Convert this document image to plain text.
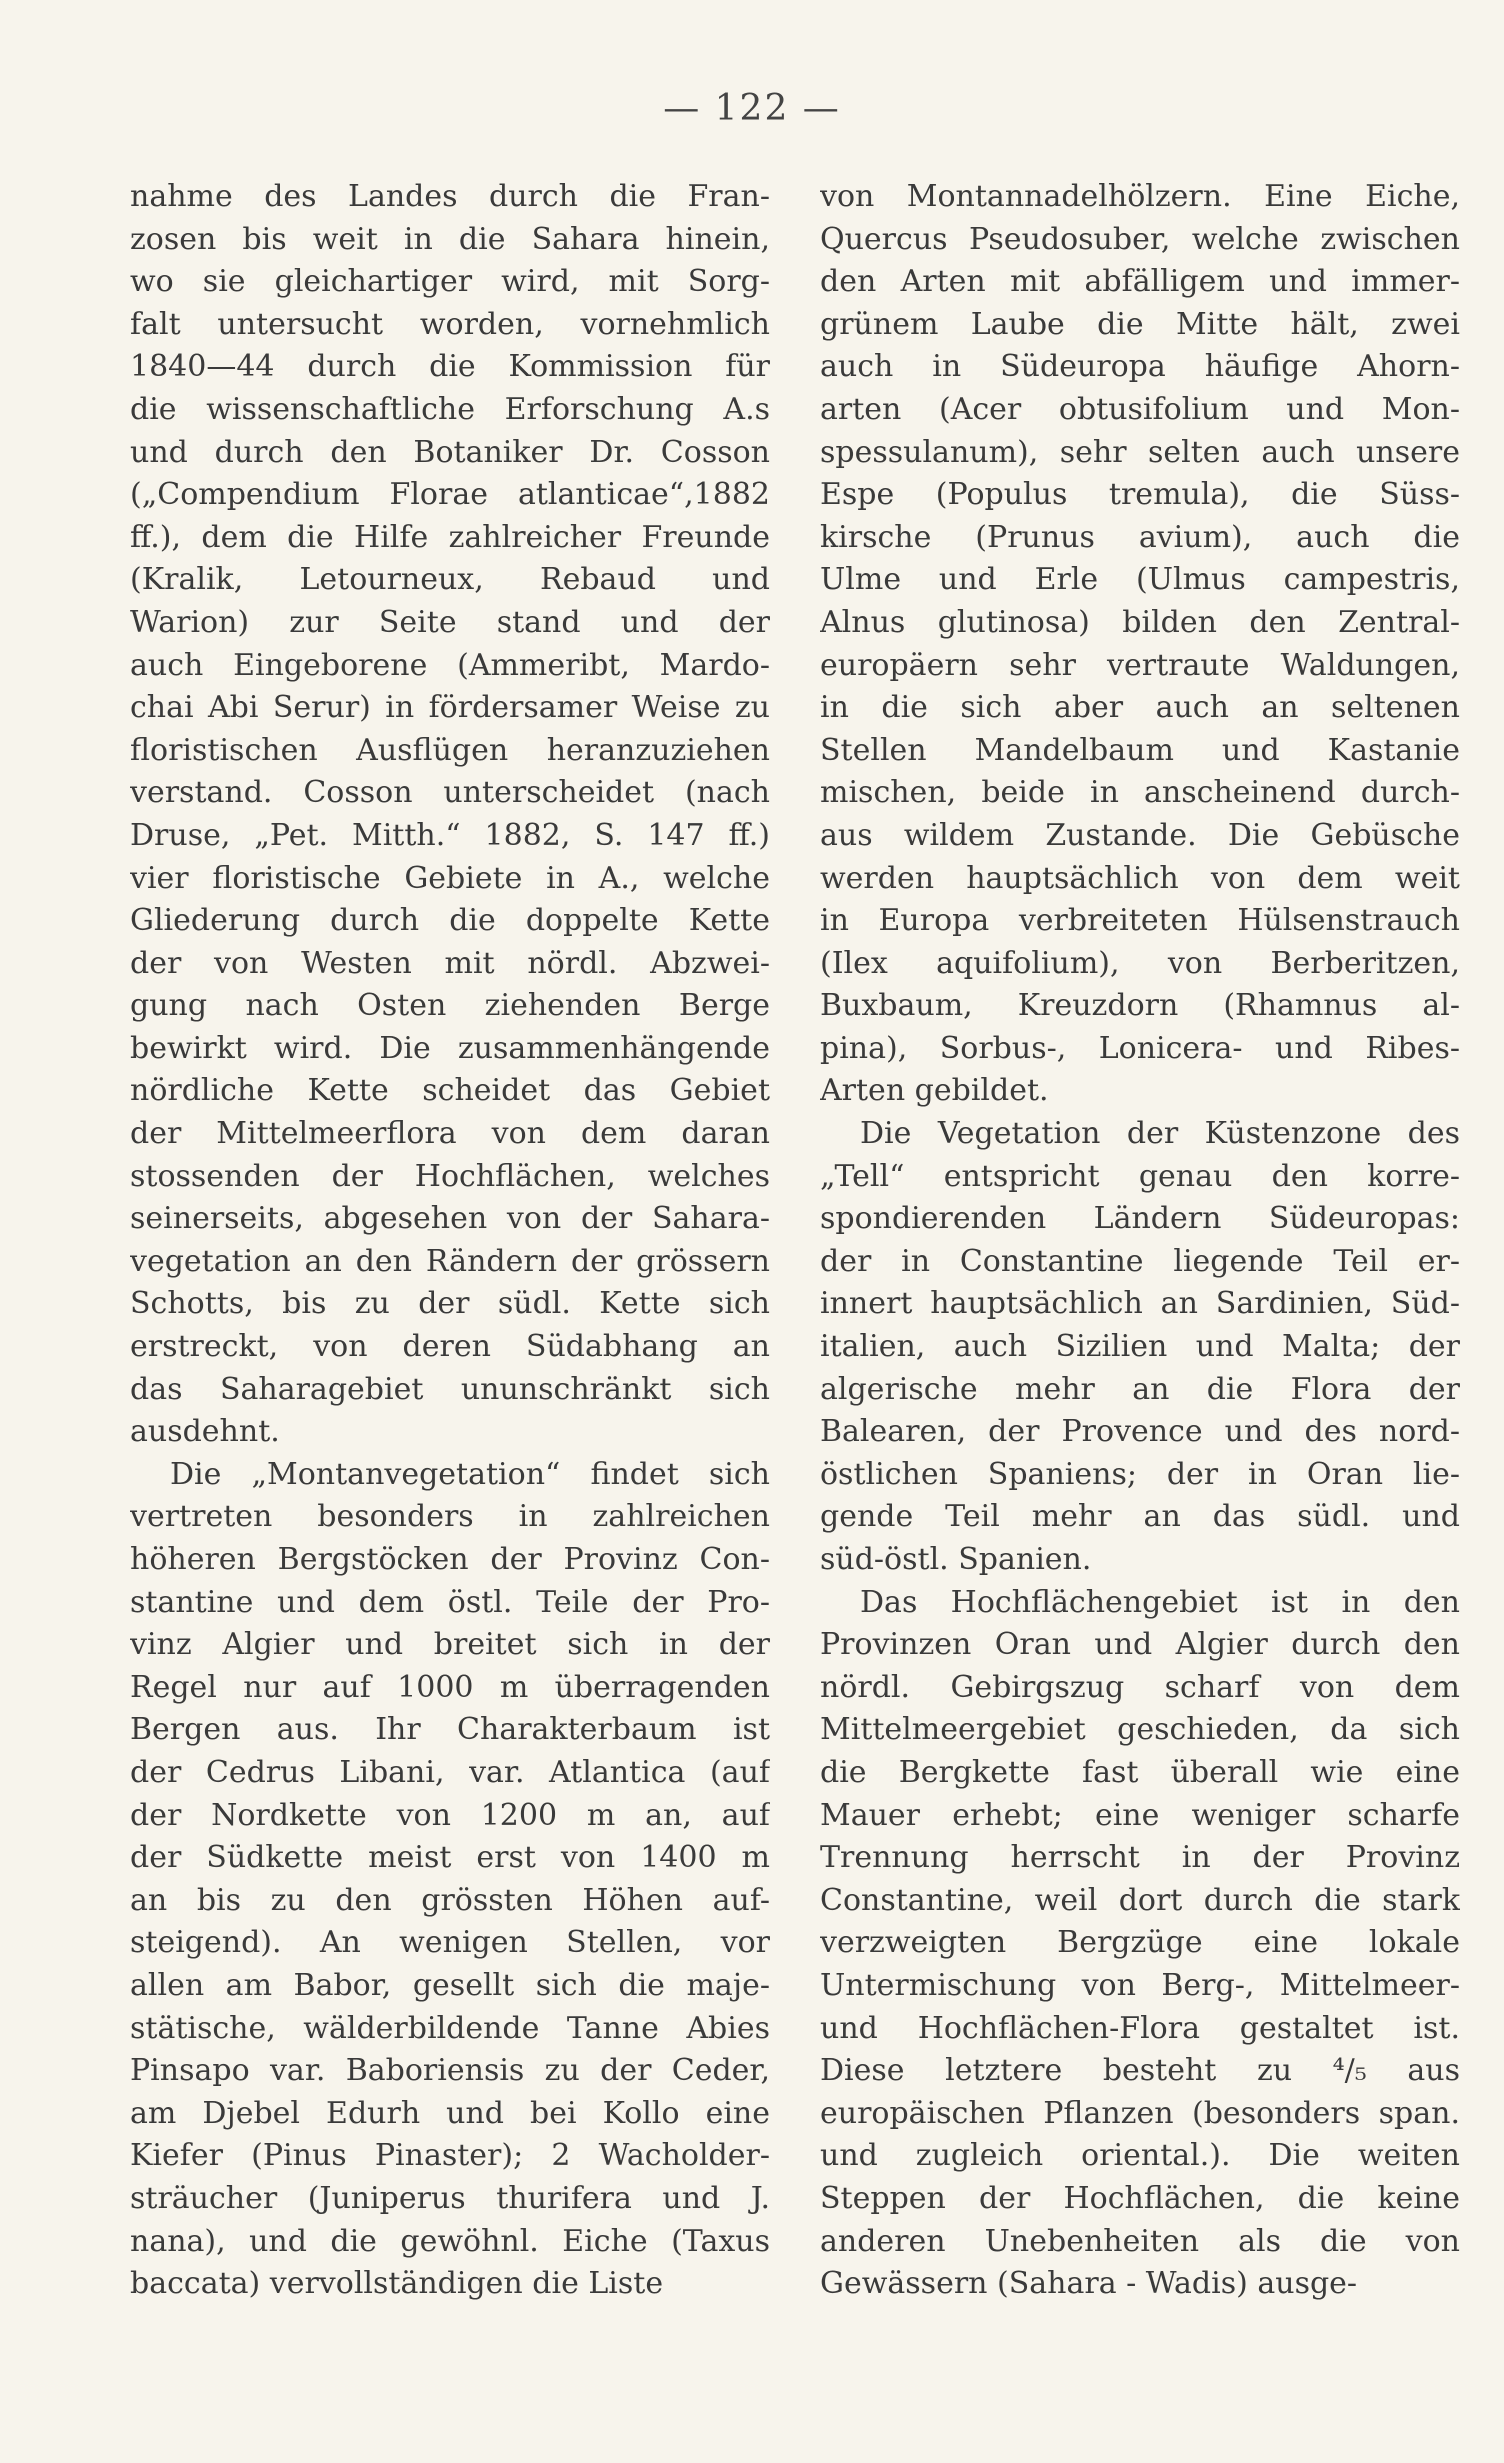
— 122 —
nahme des Landes durch die Fran-
zosen bis weit in die Sahara hinein,
wo sie gleichartiger wird, mit Sorg-
falt untersucht worden, vornehmlich
1840—44 durch die Kommission für
die wissenschaftliche Erforschung A.s
und durch den Botaniker Dr. Cosson
(„Compendium Florae atlanticae“,1882
ff.), dem die Hilfe zahlreicher Freunde
(Kralik, Letourneux, Rebaud und
Warion) zur Seite stand und der
auch Eingeborene (Ammeribt, Mardo-
chai Abi Serur) in fördersamer Weise zu
floristischen Ausflügen heranzuziehen
verstand. Cosson unterscheidet (nach
Druse, „Pet. Mitth.“ 1882, S. 147 ff.)
vier floristische Gebiete in A., welche
Gliederung durch die doppelte Kette
der von Westen mit nördl. Abzwei-
gung nach Osten ziehenden Berge
bewirkt wird. Die zusammenhängende
nördliche Kette scheidet das Gebiet
der Mittelmeerflora von dem daran
stossenden der Hochflächen, welches
seinerseits, abgesehen von der Sahara-
vegetation an den Rändern der grössern
Schotts, bis zu der südl. Kette sich
erstreckt, von deren Südabhang an
das Saharagebiet ununschränkt sich
ausdehnt.
Die „Montanvegetation“ findet sich
vertreten besonders in zahlreichen
höheren Bergstöcken der Provinz Con-
stantine und dem östl. Teile der Pro-
vinz Algier und breitet sich in der
Regel nur auf 1000 m überragenden
Bergen aus. Ihr Charakterbaum ist
der Cedrus Libani, var. Atlantica (auf
der Nordkette von 1200 m an, auf
der Südkette meist erst von 1400 m
an bis zu den grössten Höhen auf-
steigend). An wenigen Stellen, vor
allen am Babor, gesellt sich die maje-
stätische, wälderbildende Tanne Abies
Pinsapo var. Baboriensis zu der Ceder,
am Djebel Edurh und bei Kollo eine
Kiefer (Pinus Pinaster); 2 Wacholder-
sträucher (Juniperus thurifera und J.
nana), und die gewöhnl. Eiche (Taxus
baccata) vervollständigen die Liste
von Montannadelhölzern. Eine Eiche,
Quercus Pseudosuber, welche zwischen
den Arten mit abfälligem und immer-
grünem Laube die Mitte hält, zwei
auch in Südeuropa häufige Ahorn-
arten (Acer obtusifolium und Mon-
spessulanum), sehr selten auch unsere
Espe (Populus tremula), die Süss-
kirsche (Prunus avium), auch die
Ulme und Erle (Ulmus campestris,
Alnus glutinosa) bilden den Zentral-
europäern sehr vertraute Waldungen,
in die sich aber auch an seltenen
Stellen Mandelbaum und Kastanie
mischen, beide in anscheinend durch-
aus wildem Zustande. Die Gebüsche
werden hauptsächlich von dem weit
in Europa verbreiteten Hülsenstrauch
(Ilex aquifolium), von Berberitzen,
Buxbaum, Kreuzdorn (Rhamnus al-
pina), Sorbus-, Lonicera- und Ribes-
Arten gebildet.
Die Vegetation der Küstenzone des
„Tell“ entspricht genau den korre-
spondierenden Ländern Südeuropas:
der in Constantine liegende Teil er-
innert hauptsächlich an Sardinien, Süd-
italien, auch Sizilien und Malta; der
algerische mehr an die Flora der
Balearen, der Provence und des nord-
östlichen Spaniens; der in Oran lie-
gende Teil mehr an das südl. und
süd-östl. Spanien.
Das Hochflächengebiet ist in den
Provinzen Oran und Algier durch den
nördl. Gebirgszug scharf von dem
Mittelmeergebiet geschieden, da sich
die Bergkette fast überall wie eine
Mauer erhebt; eine weniger scharfe
Trennung herrscht in der Provinz
Constantine, weil dort durch die stark
verzweigten Bergzüge eine lokale
Untermischung von Berg-, Mittelmeer-
und Hochflächen-Flora gestaltet ist.
Diese letztere besteht zu ⁴/₅ aus
europäischen Pflanzen (besonders span.
und zugleich oriental.). Die weiten
Steppen der Hochflächen, die keine
anderen Unebenheiten als die von
Gewässern (Sahara - Wadis) ausge-
